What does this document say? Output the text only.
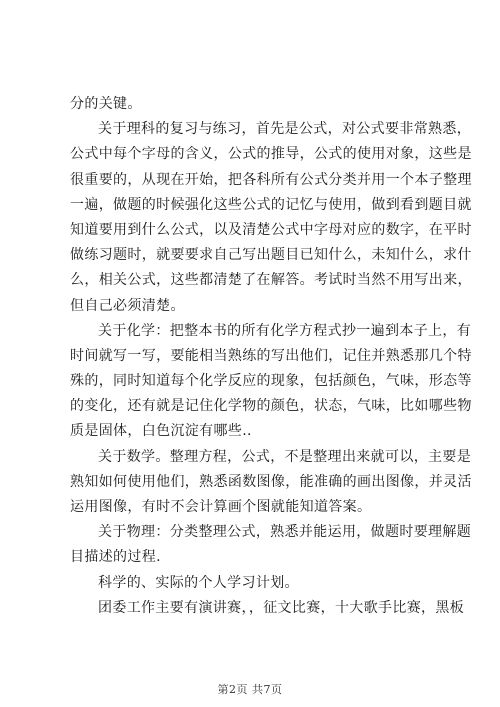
分的关键。
关于理科的复习与练习，首先是公式，对公式要非常熟悉，
公式中每个字母的含义，公式的推导，公式的使用对象，这些是
很重要的，从现在开始，把各科所有公式分类并用一个本子整理
一遍，做题的时候强化这些公式的记忆与使用，做到看到题目就
知道要用到什么公式，以及清楚公式中字母对应的数字，在平时
做练习题时，就要要求自己写出题目已知什么，未知什么，求什
么，相关公式，这些都清楚了在解答。考试时当然不用写出来，
但自己必须清楚。
关于化学：把整本书的所有化学方程式抄一遍到本子上，有
时间就写一写，要能相当熟练的写出他们，记住并熟悉那几个特
殊的，同时知道每个化学反应的现象，包括颜色，气味，形态等
的变化，还有就是记住化学物的颜色，状态，气味，比如哪些物
质是固体，白色沉淀有哪些..
关于数学。整理方程，公式，不是整理出来就可以，主要是
熟知如何使用他们，熟悉函数图像，能准确的画出图像，并灵活
运用图像，有时不会计算画个图就能知道答案。
关于物理：分类整理公式，熟悉并能运用，做题时要理解题
目描述的过程.
科学的、实际的个人学习计划。
团委工作主要有演讲赛，，征文比赛，十大歌手比赛，黑板
第2页 共7页
